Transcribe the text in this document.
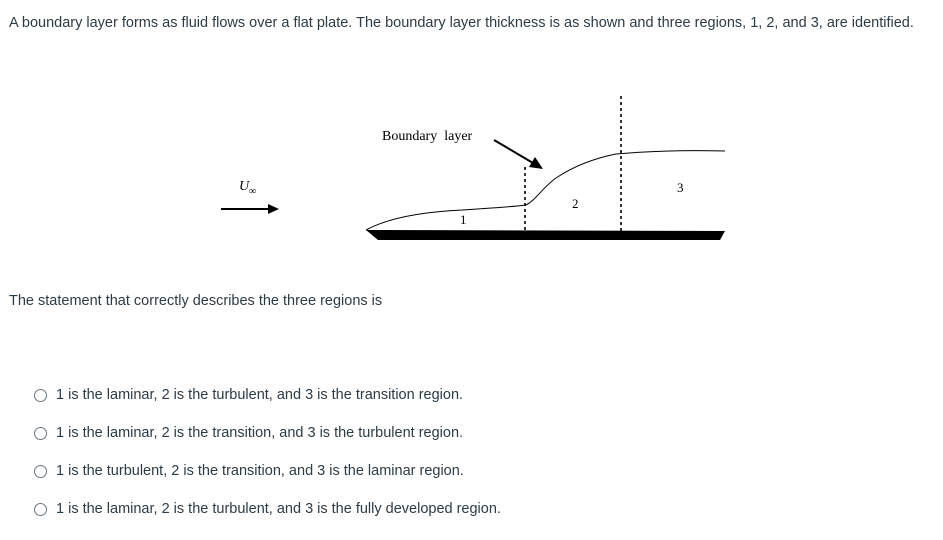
A boundary layer forms as fluid flows over a flat plate. The boundary layer thickness is as shown and three regions, 1, 2, and 3, are identified.
$U_\infty$
Boundary  layer
1
2
3
The statement that correctly describes the three regions is
1 is the laminar, 2 is the turbulent, and 3 is the transition region.
1 is the laminar, 2 is the transition, and 3 is the turbulent region.
1 is the turbulent, 2 is the transition, and 3 is the laminar region.
1 is the laminar, 2 is the turbulent, and 3 is the fully developed region.
